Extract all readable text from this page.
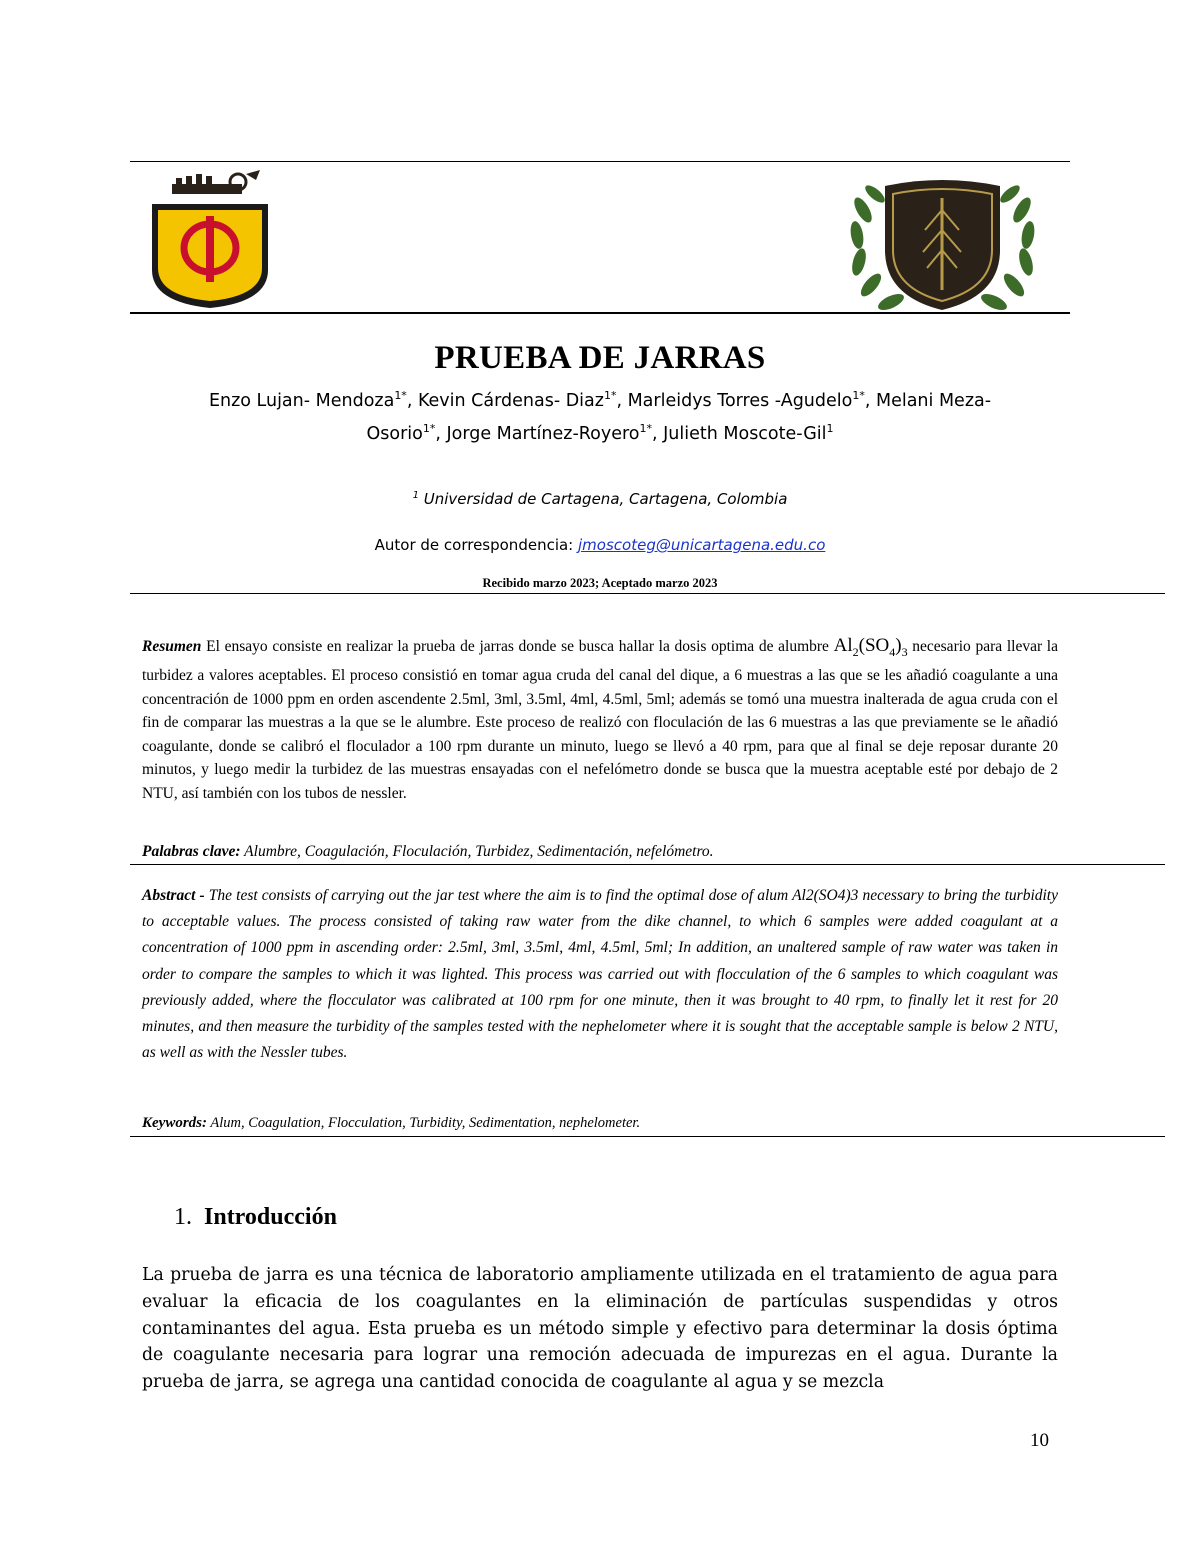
PRUEBA DE JARRAS
Enzo Lujan- Mendoza$^{1*}$, Kevin Cárdenas- Diaz$^{1*}$, Marleidys Torres -Agudelo$^{1*}$, Melani Meza-
Osorio$^{1*}$, Jorge Martínez-Royero$^{1*}$, Julieth Moscote-Gil$^1$
$^1$ Universidad de Cartagena, Cartagena, Colombia
Autor de correspondencia: jmoscoteg@unicartagena.edu.co
Recibido marzo 2023; Aceptado marzo 2023
Resumen El ensayo consiste en realizar la prueba de jarras donde se busca hallar la dosis optima de alumbre $Al_2(SO_4)_3$ necesario para llevar la turbidez a valores aceptables. El proceso consistió en tomar agua cruda del canal del dique, a 6 muestras a las que se les añadió coagulante a una concentración de 1000 ppm en orden ascendente 2.5ml, 3ml, 3.5ml, 4ml, 4.5ml, 5ml; además se tomó una muestra inalterada de agua cruda con el fin de comparar las muestras a la que se le alumbre. Este proceso de realizó con floculación de las 6 muestras a las que previamente se le añadió coagulante, donde se calibró el floculador a 100 rpm durante un minuto, luego se llevó a 40 rpm, para que al final se deje reposar durante 20 minutos, y luego medir la turbidez de las muestras ensayadas con el nefelómetro donde se busca que la muestra aceptable esté por debajo de 2 NTU, así también con los tubos de nessler.
Palabras clave: Alumbre, Coagulación, Floculación, Turbidez, Sedimentación, nefelómetro.
Abstract - The test consists of carrying out the jar test where the aim is to find the optimal dose of alum Al2(SO4)3 necessary to bring the turbidity to acceptable values. The process consisted of taking raw water from the dike channel, to which 6 samples were added coagulant at a concentration of 1000 ppm in ascending order: 2.5ml, 3ml, 3.5ml, 4ml, 4.5ml, 5ml; In addition, an unaltered sample of raw water was taken in order to compare the samples to which it was lighted. This process was carried out with flocculation of the 6 samples to which coagulant was previously added, where the flocculator was calibrated at 100 rpm for one minute, then it was brought to 40 rpm, to finally let it rest for 20 minutes, and then measure the turbidity of the samples tested with the nephelometer where it is sought that the acceptable sample is below 2 NTU, as well as with the Nessler tubes.
Keywords: Alum, Coagulation, Flocculation, Turbidity, Sedimentation, nephelometer.
1. Introducción
La prueba de jarra es una técnica de laboratorio ampliamente utilizada en el tratamiento de agua para evaluar la eficacia de los coagulantes en la eliminación de partículas suspendidas y otros contaminantes del agua. Esta prueba es un método simple y efectivo para determinar la dosis óptima de coagulante necesaria para lograr una remoción adecuada de impurezas en el agua. Durante la prueba de jarra, se agrega una cantidad conocida de coagulante al agua y se mezcla
10
